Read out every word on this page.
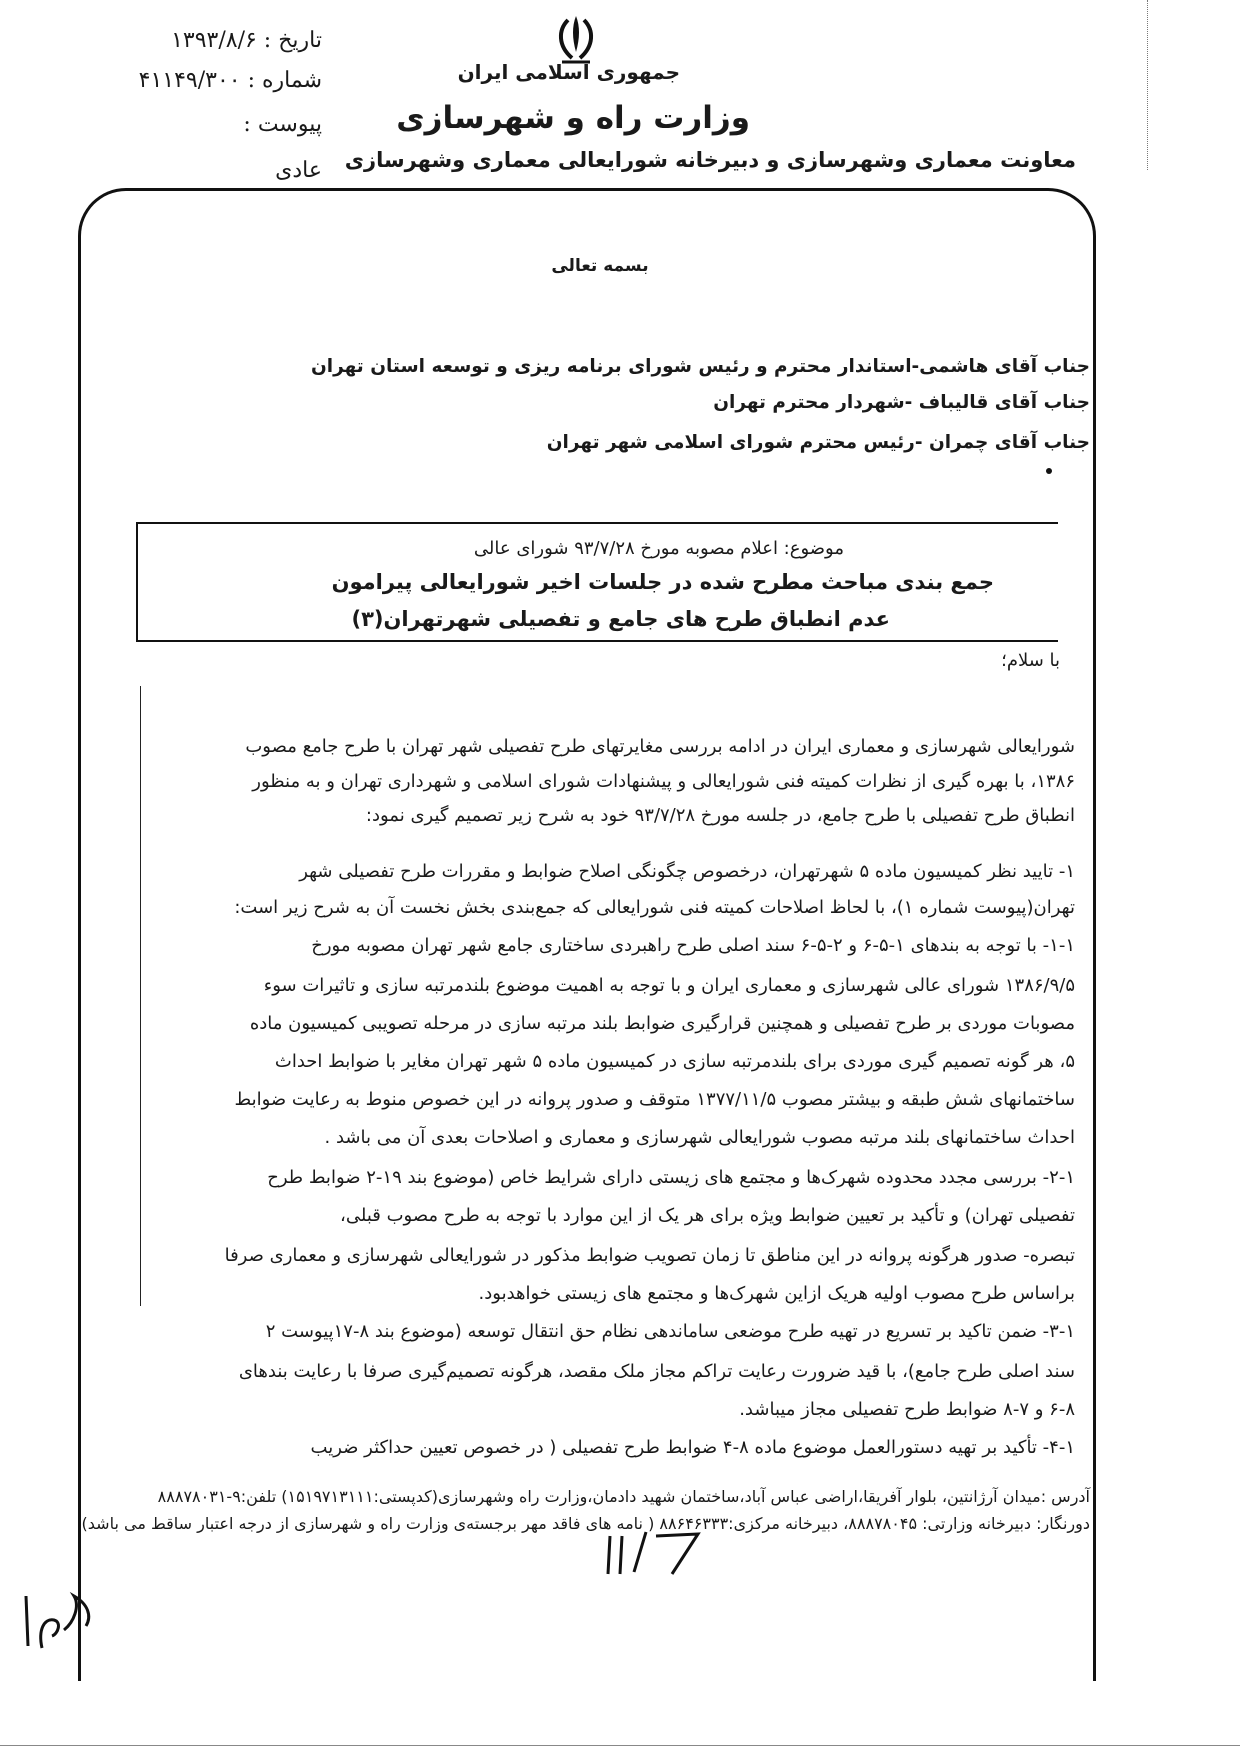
جمهوری اسلامی ایران
وزارت راه و شهرسازی
معاونت معماری وشهرسازی و دبیرخانه شورایعالی معماری وشهرسازی
تاریخ : ۱۳۹۳/۸/۶
شماره : ۴۱۱۴۹/۳۰۰
پیوست :
عادی
بسمه تعالی
جناب آقای هاشمی-استاندار محترم و رئیس شورای برنامه ریزی و توسعه استان تهران
جناب آقای قالیباف -شهردار محترم تهران
جناب آقای چمران -رئیس محترم شورای اسلامی شهر تهران
موضوع: اعلام مصوبه مورخ ۹۳/۷/۲۸ شورای عالی
جمع بندی مباحث مطرح شده در جلسات اخیر شورایعالی پیرامون
عدم انطباق طرح های جامع و تفصیلی شهرتهران(۳)
با سلام؛
شورایعالی شهرسازی و معماری ایران در ادامه بررسی مغایرتهای طرح تفصیلی شهر تهران با طرح جامع مصوب
۱۳۸۶، با بهره گیری از نظرات کمیته فنی شورایعالی و پیشنهادات شورای اسلامی و شهرداری تهران و به منظور
انطباق طرح تفصیلی با طرح جامع، در جلسه مورخ ۹۳/۷/۲۸ خود به شرح زیر تصمیم گیری نمود:
۱- تایید نظر کمیسیون ماده ۵ شهرتهران، درخصوص چگونگی اصلاح ضوابط و مقررات طرح تفصیلی شهر
تهران(پیوست شماره ۱)، با لحاظ اصلاحات کمیته فنی شورایعالی که جمع‌بندی بخش نخست آن به شرح زیر است:
۱-۱- با توجه به بندهای ۱-۵-۶ و ۲-۵-۶ سند اصلی طرح راهبردی ساختاری جامع شهر تهران مصوبه مورخ
۱۳۸۶/۹/۵ شورای عالی شهرسازی و معماری ایران و با توجه به اهمیت موضوع بلندمرتبه سازی و تاثیرات سوء
مصوبات موردی بر طرح تفصیلی و همچنین قرارگیری ضوابط بلند مرتبه سازی در مرحله تصویبی کمیسیون ماده
۵، هر گونه تصمیم گیری موردی برای بلندمرتبه سازی در کمیسیون ماده ۵ شهر تهران مغایر با ضوابط احداث
ساختمانهای شش طبقه و بیشتر مصوب ۱۳۷۷/۱۱/۵ متوقف و صدور پروانه در این خصوص منوط به رعایت ضوابط
احداث ساختمانهای بلند مرتبه مصوب شورایعالی شهرسازی و معماری و اصلاحات بعدی آن می باشد .
۲-۱- بررسی مجدد محدوده شهرک‌ها و مجتمع های زیستی دارای شرایط خاص (موضوع بند ۱۹-۲ ضوابط طرح
تفصیلی تهران) و تأکید بر تعیین ضوابط ویژه برای هر یک از این موارد با توجه به طرح مصوب قبلی،
تبصره- صدور هرگونه پروانه در این مناطق تا زمان تصویب ضوابط مذکور در شورایعالی شهرسازی و معماری صرفا
براساس طرح مصوب اولیه هریک ازاین شهرک‌ها و مجتمع های زیستی خواهدبود.
۳-۱- ضمن تاکید بر تسریع در تهیه طرح موضعی ساماندهی نظام حق انتقال توسعه (موضوع بند ۸-۱۷پیوست ۲
سند اصلی طرح جامع)، با قید ضرورت رعایت تراکم مجاز ملک مقصد، هرگونه تصمیم‌گیری صرفا با رعایت بندهای
۶-۸ و ۷-۸ ضوابط طرح تفصیلی مجاز میباشد.
۴-۱- تأکید بر تهیه دستورالعمل موضوع ماده ۸-۴ ضوابط طرح تفصیلی ( در خصوص تعیین حداکثر ضریب
آدرس :میدان آرژانتین، بلوار آفریقا،اراضی عباس آباد،ساختمان شهید دادمان،وزارت راه وشهرسازی(کدپستی:۱۵۱۹۷۱۳۱۱۱) تلفن:۹-۸۸۸۷۸۰۳۱
دورنگار: دبیرخانه وزارتی: ۸۸۸۷۸۰۴۵، دبیرخانه مرکزی:۸۸۶۴۶۳۳۳ ( نامه های فاقد مهر برجسته‌ی وزارت راه و شهرسازی از درجه اعتبار ساقط می باشد)
